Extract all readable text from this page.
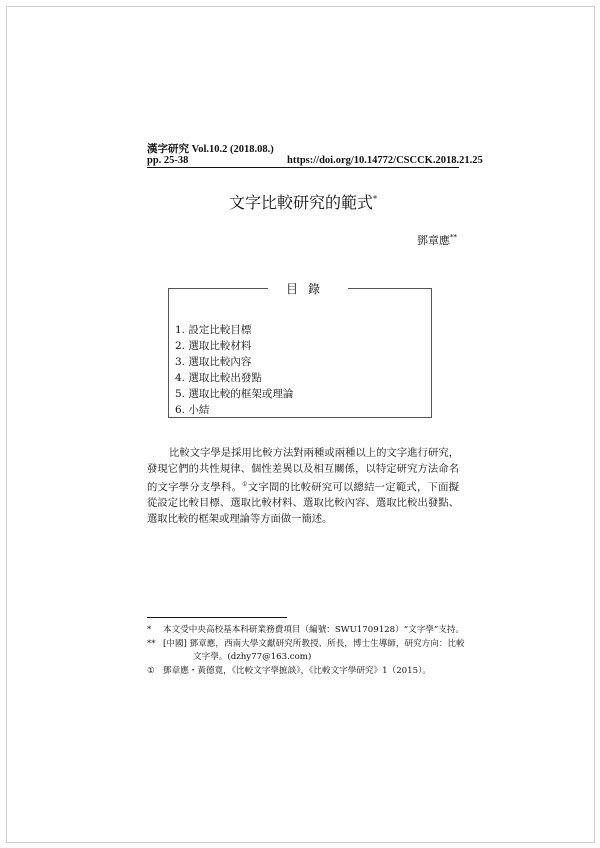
漢字研究 Vol.10.2 (2018.08.)
pp. 25-38	https://doi.org/10.14772/CSCCK.2018.21.25
文字比較研究的範式*
鄧章應**
目錄
1. 設定比較目標
2. 選取比較材料
3. 選取比較內容
4. 選取比較出發點
5. 選取比較的框架或理論
6. 小結
比較文字學是採用比較方法對兩種或兩種以上的文字進行研究，發現它們的共性規律、個性差異以及相互關係，以特定研究方法命名的文字學分支學科。①文字間的比較研究可以總結一定範式，下面擬從設定比較目標、選取比較材料、選取比較內容、選取比較出發點、選取比較的框架或理論等方面做一簡述。
* 本文受中央高校基本科研業務費項目（編號：SWU1709128）“文字學”支持。
** [中國] 鄧章應，西南大學文獻研究所教授、所長，博士生導師，研究方向：比較
文字學。(dzhy77@163.com)
① 鄧章應・黃德寬，《比較文字學摭談》，《比較文字學研究》1（2015）。
